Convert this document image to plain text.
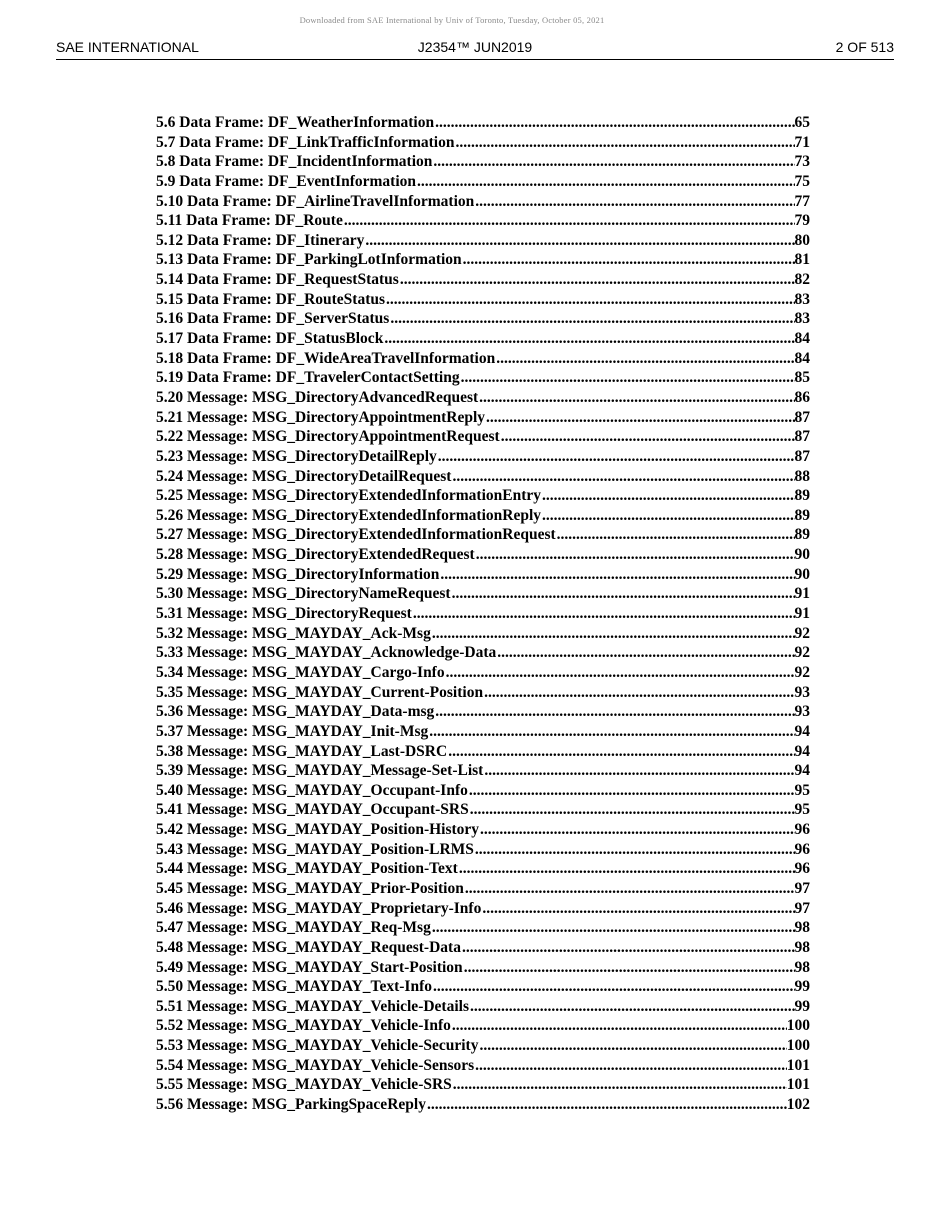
Downloaded from SAE International by Univ of Toronto, Tuesday, October 05, 2021
J2354™ JUN2019
SAE INTERNATIONAL	2 OF 513
5.6 Data Frame: DF_WeatherInformation .....	65
5.7 Data Frame: DF_LinkTrafficInformation .....	71
5.8 Data Frame: DF_IncidentInformation .....	73
5.9 Data Frame: DF_EventInformation .....	75
5.10 Data Frame: DF_AirlineTravelInformation .....	77
5.11 Data Frame: DF_Route .....	79
5.12 Data Frame: DF_Itinerary .....	80
5.13 Data Frame: DF_ParkingLotInformation .....	81
5.14 Data Frame: DF_RequestStatus .....	82
5.15 Data Frame: DF_RouteStatus .....	83
5.16 Data Frame: DF_ServerStatus .....	83
5.17 Data Frame: DF_StatusBlock .....	84
5.18 Data Frame: DF_WideAreaTravelInformation .....	84
5.19 Data Frame: DF_TravelerContactSetting .....	85
5.20 Message: MSG_DirectoryAdvancedRequest .....	86
5.21 Message: MSG_DirectoryAppointmentReply .....	87
5.22 Message: MSG_DirectoryAppointmentRequest .....	87
5.23 Message: MSG_DirectoryDetailReply .....	87
5.24 Message: MSG_DirectoryDetailRequest .....	88
5.25 Message: MSG_DirectoryExtendedInformationEntry .....	89
5.26 Message: MSG_DirectoryExtendedInformationReply .....	89
5.27 Message: MSG_DirectoryExtendedInformationRequest .....	89
5.28 Message: MSG_DirectoryExtendedRequest .....	90
5.29 Message: MSG_DirectoryInformation .....	90
5.30 Message: MSG_DirectoryNameRequest .....	91
5.31 Message: MSG_DirectoryRequest .....	91
5.32 Message: MSG_MAYDAY_Ack-Msg .....	92
5.33 Message: MSG_MAYDAY_Acknowledge-Data .....	92
5.34 Message: MSG_MAYDAY_Cargo-Info .....	92
5.35 Message: MSG_MAYDAY_Current-Position .....	93
5.36 Message: MSG_MAYDAY_Data-msg .....	93
5.37 Message: MSG_MAYDAY_Init-Msg .....	94
5.38 Message: MSG_MAYDAY_Last-DSRC .....	94
5.39 Message: MSG_MAYDAY_Message-Set-List .....	94
5.40 Message: MSG_MAYDAY_Occupant-Info .....	95
5.41 Message: MSG_MAYDAY_Occupant-SRS .....	95
5.42 Message: MSG_MAYDAY_Position-History .....	96
5.43 Message: MSG_MAYDAY_Position-LRMS .....	96
5.44 Message: MSG_MAYDAY_Position-Text .....	96
5.45 Message: MSG_MAYDAY_Prior-Position .....	97
5.46 Message: MSG_MAYDAY_Proprietary-Info .....	97
5.47 Message: MSG_MAYDAY_Req-Msg .....	98
5.48 Message: MSG_MAYDAY_Request-Data .....	98
5.49 Message: MSG_MAYDAY_Start-Position .....	98
5.50 Message: MSG_MAYDAY_Text-Info .....	99
5.51 Message: MSG_MAYDAY_Vehicle-Details .....	99
5.52 Message: MSG_MAYDAY_Vehicle-Info .....	100
5.53 Message: MSG_MAYDAY_Vehicle-Security .....	100
5.54 Message: MSG_MAYDAY_Vehicle-Sensors .....	101
5.55 Message: MSG_MAYDAY_Vehicle-SRS .....	101
5.56 Message: MSG_ParkingSpaceReply .....	102
